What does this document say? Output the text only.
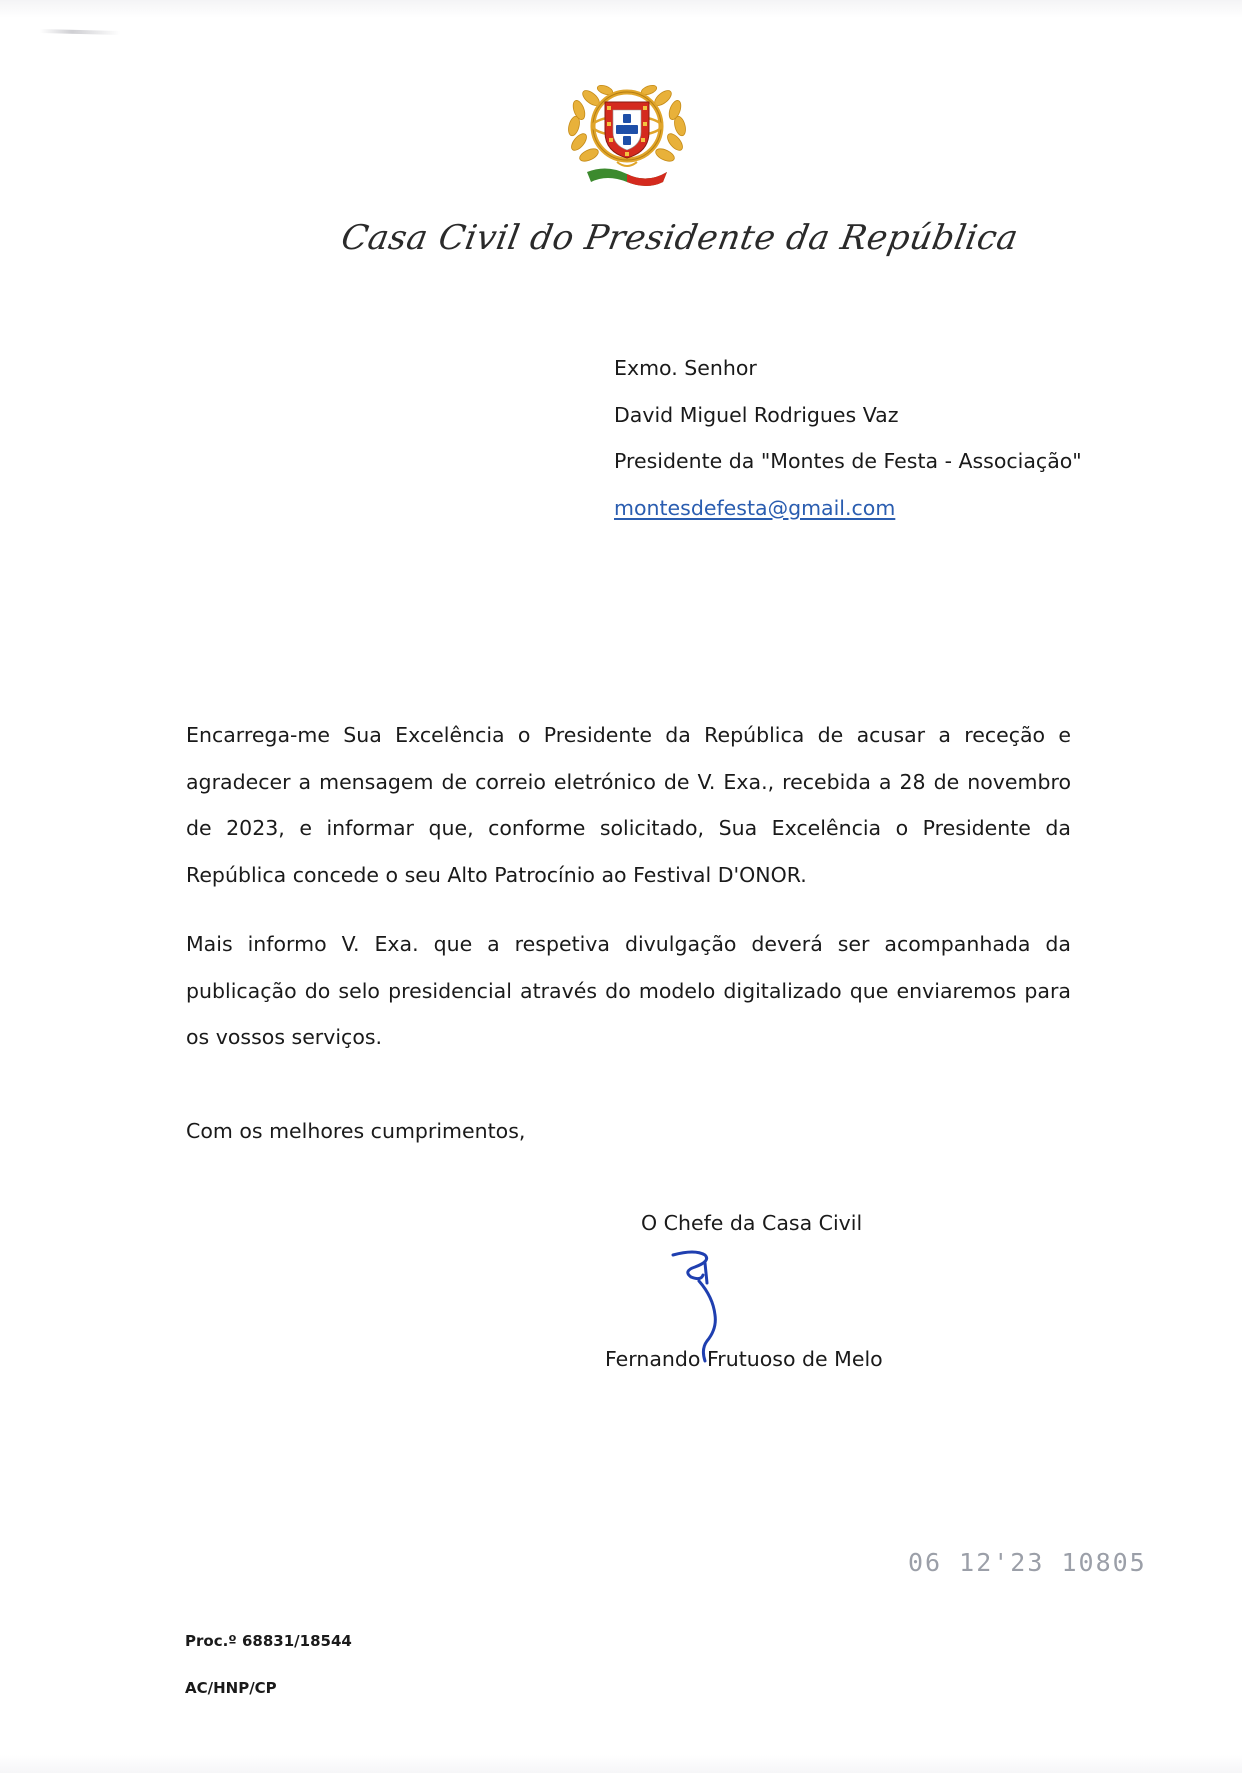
Casa Civil do Presidente da República
Exmo. Senhor
David Miguel Rodrigues Vaz
Presidente da "Montes de Festa - Associação"
montesdefesta@gmail.com
Encarrega-me Sua Excelência o Presidente da República de acusar a receção e agradecer a mensagem de correio eletrónico de V. Exa., recebida a 28 de novembro de 2023, e informar que, conforme solicitado, Sua Excelência o Presidente da República concede o seu Alto Patrocínio ao Festival D'ONOR.
Mais informo V. Exa. que a respetiva divulgação deverá ser acompanhada da publicação do selo presidencial através do modelo digitalizado que enviaremos para os vossos serviços.
Com os melhores cumprimentos,
O Chefe da Casa Civil
Fernando Frutuoso de Melo
06 12'23 10805
Proc.º 68831/18544
AC/HNP/CP
